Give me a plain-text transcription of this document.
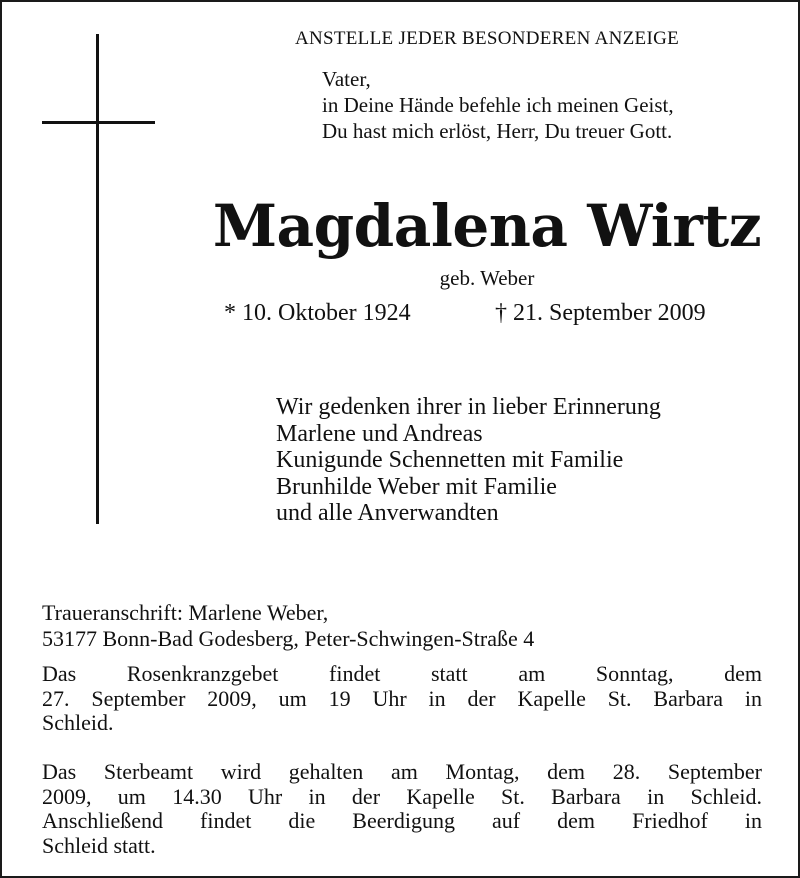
ANSTELLE JEDER BESONDEREN ANZEIGE
Vater,
in Deine Hände befehle ich meinen Geist,
Du hast mich erlöst, Herr, Du treuer Gott.
Magdalena Wirtz
geb. Weber
* 10. Oktober 1924	† 21. September 2009
Wir gedenken ihrer in lieber Erinnerung
Marlene und Andreas
Kunigunde Schennetten mit Familie
Brunhilde Weber mit Familie
und alle Anverwandten
Traueranschrift: Marlene Weber,
53177 Bonn-Bad Godesberg, Peter-Schwingen-Straße 4
Das Rosenkranzgebet findet statt am Sonntag, dem
27. September 2009, um 19 Uhr in der Kapelle St. Barbara in
Schleid.
Das Sterbeamt wird gehalten am Montag, dem 28. September
2009, um 14.30 Uhr in der Kapelle St. Barbara in Schleid.
Anschließend findet die Beerdigung auf dem Friedhof in
Schleid statt.
